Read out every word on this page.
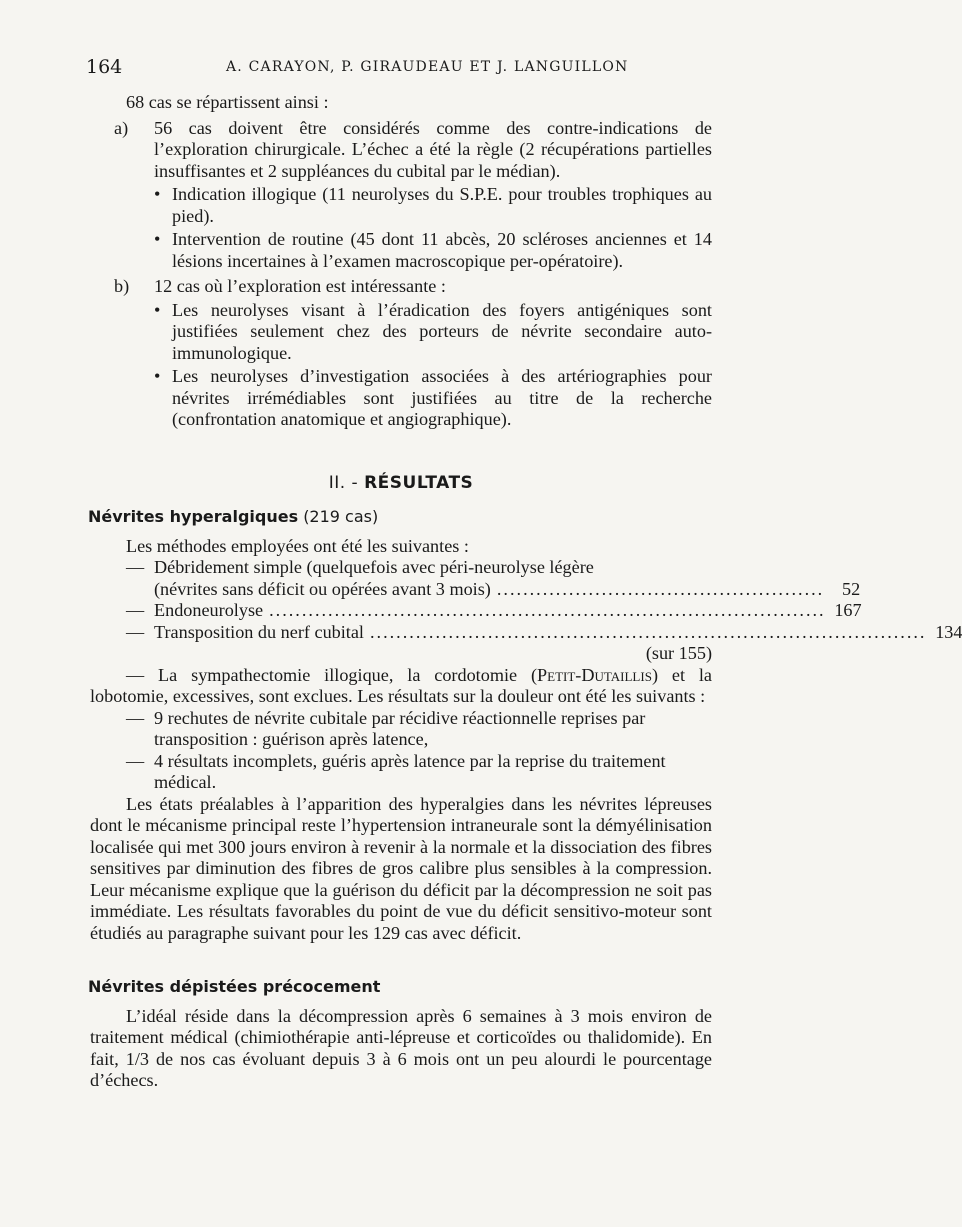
164	A. CARAYON, P. GIRAUDEAU ET J. LANGUILLON

68 cas se répartissent ainsi :

a) 56 cas doivent être considérés comme des contre-indications de l’exploration chirurgicale. L’échec a été la règle (2 récupérations partielles insuffisantes et 2 suppléances du cubital par le médian).
• Indication illogique (11 neurolyses du S.P.E. pour troubles trophiques au pied).
• Intervention de routine (45 dont 11 abcès, 20 scléroses anciennes et 14 lésions incertaines à l’examen macroscopique per-opératoire).
b) 12 cas où l’exploration est intéressante :
• Les neurolyses visant à l’éradication des foyers antigéniques sont justifiées seulement chez des porteurs de névrite secondaire auto-immunologique.
• Les neurolyses d’investigation associées à des artériographies pour névrites irrémédiables sont justifiées au titre de la recherche (confrontation anatomique et angiographique).
II. - RÉSULTATS
Névrites hyperalgiques (219 cas)

Les méthodes employées ont été les suivantes :

— Débridement simple (quelquefois avec péri-neurolyse légère
(névrites sans déficit ou opérées avant 3 mois) .................................................. 52
— Endoneurolyse ..................................................................................... 167
— Transposition du nerf cubital ..................................................................................... 134
(sur 155)

— La sympathectomie illogique, la cordotomie (Petit-Dutaillis) et la lobotomie, excessives, sont exclues. Les résultats sur la douleur ont été les suivants :

— 9 rechutes de névrite cubitale par récidive réactionnelle reprises par transposition : guérison après latence,
— 4 résultats incomplets, guéris après latence par la reprise du traitement médical.

Les états préalables à l’apparition des hyperalgies dans les névrites lépreuses dont le mécanisme principal reste l’hypertension intraneurale sont la démyélinisation localisée qui met 300 jours environ à revenir à la normale et la dissociation des fibres sensitives par diminution des fibres de gros calibre plus sensibles à la compression. Leur mécanisme explique que la guérison du déficit par la décompression ne soit pas immédiate. Les résultats favorables du point de vue du déficit sensitivo-moteur sont étudiés au paragraphe suivant pour les 129 cas avec déficit.

Névrites dépistées précocement

L’idéal réside dans la décompression après 6 semaines à 3 mois environ de traitement médical (chimiothérapie anti-lépreuse et corticoïdes ou thalidomide). En fait, 1/3 de nos cas évoluant depuis 3 à 6 mois ont un peu alourdi le pourcentage d’échecs.
